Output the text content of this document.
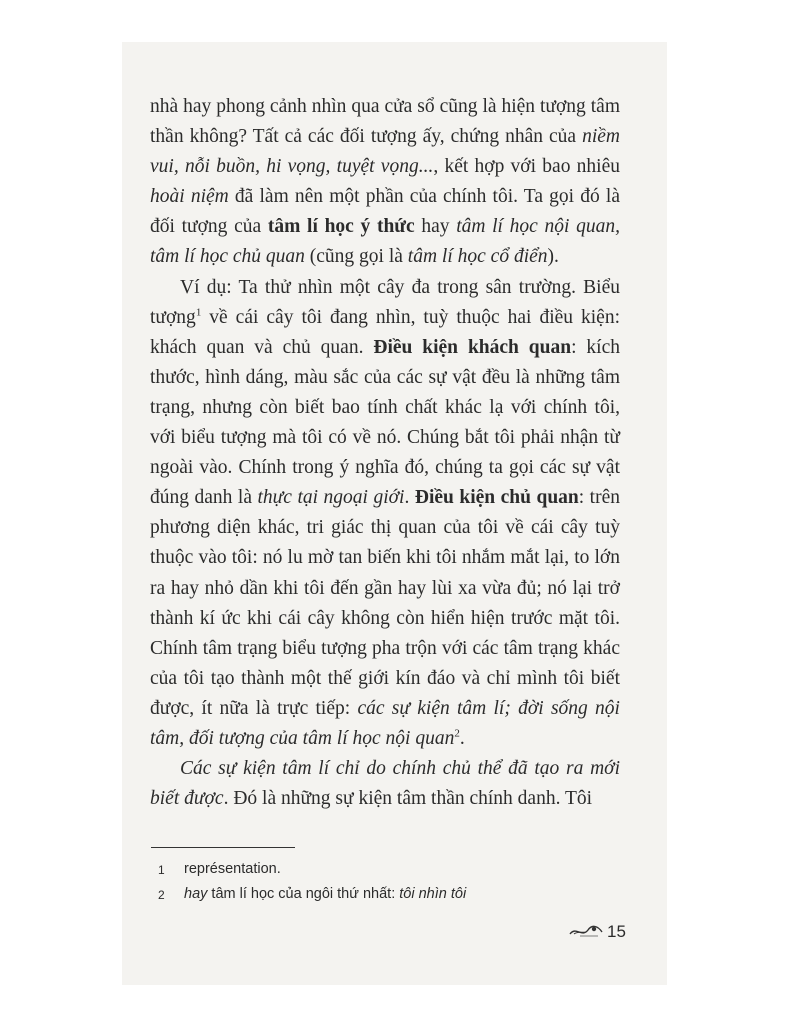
nhà hay phong cảnh nhìn qua cửa sổ cũng là hiện tượng tâm thần không? Tất cả các đối tượng ấy, chứng nhân của niềm vui, nỗi buồn, hi vọng, tuyệt vọng..., kết hợp với bao nhiêu hoài niệm đã làm nên một phần của chính tôi. Ta gọi đó là đối tượng của tâm lí học ý thức hay tâm lí học nội quan, tâm lí học chủ quan (cũng gọi là tâm lí học cổ điển).

Ví dụ: Ta thử nhìn một cây đa trong sân trường. Biểu tượng$^1$ về cái cây tôi đang nhìn, tuỳ thuộc hai điều kiện: khách quan và chủ quan. Điều kiện khách quan: kích thước, hình dáng, màu sắc của các sự vật đều là những tâm trạng, nhưng còn biết bao tính chất khác lạ với chính tôi, với biểu tượng mà tôi có về nó. Chúng bắt tôi phải nhận từ ngoài vào. Chính trong ý nghĩa đó, chúng ta gọi các sự vật đúng danh là thực tại ngoại giới. Điều kiện chủ quan: trên phương diện khác, tri giác thị quan của tôi về cái cây tuỳ thuộc vào tôi: nó lu mờ tan biến khi tôi nhắm mắt lại, to lớn ra hay nhỏ dần khi tôi đến gần hay lùi xa vừa đủ; nó lại trở thành kí ức khi cái cây không còn hiển hiện trước mặt tôi. Chính tâm trạng biểu tượng pha trộn với các tâm trạng khác của tôi tạo thành một thế giới kín đáo và chỉ mình tôi biết được, ít nữa là trực tiếp: các sự kiện tâm lí; đời sống nội tâm, đối tượng của tâm lí học nội quan$^2$.

Các sự kiện tâm lí chỉ do chính chủ thể đã tạo ra mới biết được. Đó là những sự kiện tâm thần chính danh. Tôi

1	représentation.
2	hay tâm lí học của ngôi thứ nhất: tôi nhìn tôi
15
